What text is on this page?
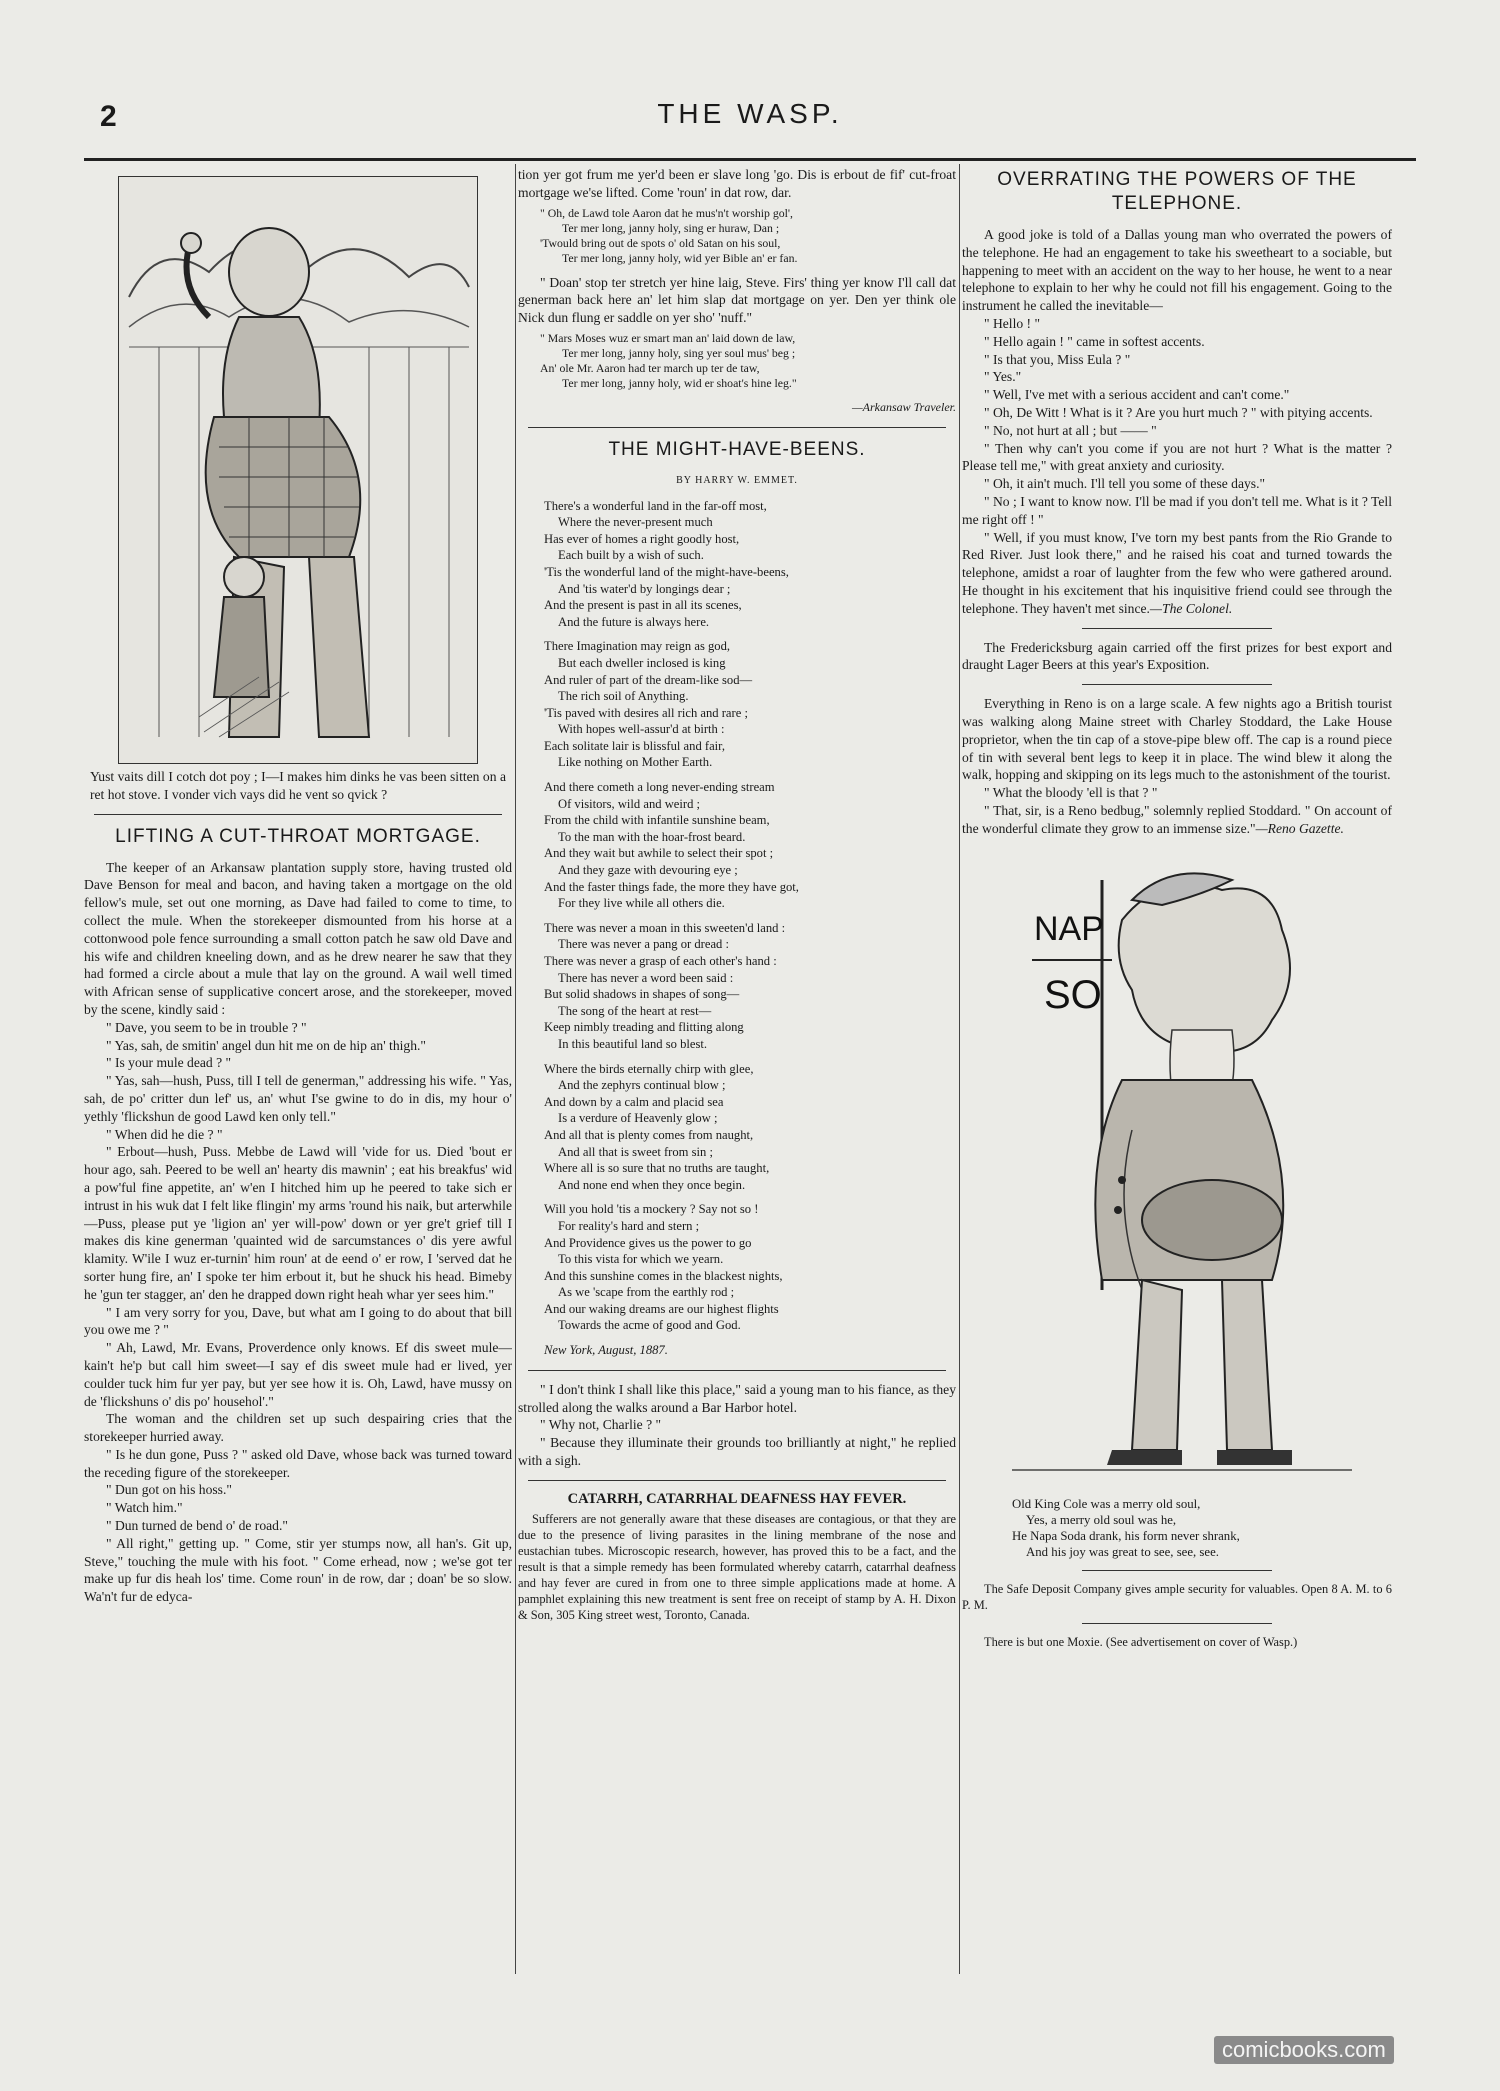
2	THE WASP.
Yust vaits dill I cotch dot poy ; I—I makes him dinks he vas been sitten on a ret hot stove. I vonder vich vays did he vent so qvick ?
LIFTING A CUT-THROAT MORTGAGE.

The keeper of an Arkansaw plantation supply store, having trusted old Dave Benson for meal and bacon, and having taken a mortgage on the old fellow's mule, set out one morning, as Dave had failed to come to time, to collect the mule. When the storekeeper dismounted from his horse at a cottonwood pole fence surrounding a small cotton patch he saw old Dave and his wife and children kneeling down, and as he drew nearer he saw that they had formed a circle about a mule that lay on the ground. A wail well timed with African sense of supplicative concert arose, and the storekeeper, moved by the scene, kindly said :

" Dave, you seem to be in trouble ? "

" Yas, sah, de smitin' angel dun hit me on de hip an' thigh."

" Is your mule dead ? "

" Yas, sah—hush, Puss, till I tell de generman," addressing his wife. " Yas, sah, de po' critter dun lef' us, an' whut I'se gwine to do in dis, my hour o' yethly 'flickshun de good Lawd ken only tell."

" When did he die ? "

" Erbout—hush, Puss. Mebbe de Lawd will 'vide for us. Died 'bout er hour ago, sah. Peered to be well an' hearty dis mawnin' ; eat his breakfus' wid a pow'ful fine appetite, an' w'en I hitched him up he peered to take sich er intrust in his wuk dat I felt like flingin' my arms 'round his naik, but arterwhile—Puss, please put ye 'ligion an' yer will-pow' down or yer gre't grief till I makes dis kine generman 'quainted wid de sarcumstances o' dis yere awful klamity. W'ile I wuz er-turnin' him roun' at de eend o' er row, I 'served dat he sorter hung fire, an' I spoke ter him erbout it, but he shuck his head. Bimeby he 'gun ter stagger, an' den he drapped down right heah whar yer sees him."

" I am very sorry for you, Dave, but what am I going to do about that bill you owe me ? "

" Ah, Lawd, Mr. Evans, Proverdence only knows. Ef dis sweet mule—kain't he'p but call him sweet—I say ef dis sweet mule had er lived, yer coulder tuck him fur yer pay, but yer see how it is. Oh, Lawd, have mussy on de 'flickshuns o' dis po' househol'."

The woman and the children set up such despairing cries that the storekeeper hurried away.

" Is he dun gone, Puss ? " asked old Dave, whose back was turned toward the receding figure of the storekeeper.

" Dun got on his hoss."

" Watch him."

" Dun turned de bend o' de road."

" All right," getting up. " Come, stir yer stumps now, all han's. Git up, Steve," touching the mule with his foot. " Come erhead, now ; we'se got ter make up fur dis heah los' time. Come roun' in de row, dar ; doan' be so slow. Wa'n't fur de edyca-

tion yer got frum me yer'd been er slave long 'go. Dis is erbout de fif' cut-froat mortgage we'se lifted. Come 'roun' in dat row, dar.

" Oh, de Lawd tole Aaron dat he mus'n't worship gol',
Ter mer long, janny holy, sing er huraw, Dan ;
'Twould bring out de spots o' old Satan on his soul,
Ter mer long, janny holy, wid yer Bible an' er fan.

" Doan' stop ter stretch yer hine laig, Steve. Firs' thing yer know I'll call dat generman back here an' let him slap dat mortgage on yer. Den yer think ole Nick dun flung er saddle on yer sho' 'nuff."

" Mars Moses wuz er smart man an' laid down de law,
Ter mer long, janny holy, sing yer soul mus' beg ;
An' ole Mr. Aaron had ter march up ter de taw,
Ter mer long, janny holy, wid er shoat's hine leg."
—Arkansaw Traveler.
THE MIGHT-HAVE-BEENS.
BY HARRY W. EMMET.
There's a wonderful land in the far-off most,
Where the never-present much
Has ever of homes a right goodly host,
Each built by a wish of such.
'Tis the wonderful land of the might-have-beens,
And 'tis water'd by longings dear ;
And the present is past in all its scenes,
And the future is always here.
There Imagination may reign as god,
But each dweller inclosed is king
And ruler of part of the dream-like sod—
The rich soil of Anything.
'Tis paved with desires all rich and rare ;
With hopes well-assur'd at birth :
Each solitate lair is blissful and fair,
Like nothing on Mother Earth.
And there cometh a long never-ending stream
Of visitors, wild and weird ;
From the child with infantile sunshine beam,
To the man with the hoar-frost beard.
And they wait but awhile to select their spot ;
And they gaze with devouring eye ;
And the faster things fade, the more they have got,
For they live while all others die.
There was never a moan in this sweeten'd land :
There was never a pang or dread :
There was never a grasp of each other's hand :
There has never a word been said :
But solid shadows in shapes of song—
The song of the heart at rest—
Keep nimbly treading and flitting along
In this beautiful land so blest.
Where the birds eternally chirp with glee,
And the zephyrs continual blow ;
And down by a calm and placid sea
Is a verdure of Heavenly glow ;
And all that is plenty comes from naught,
And all that is sweet from sin ;
Where all is so sure that no truths are taught,
And none end when they once begin.
Will you hold 'tis a mockery ? Say not so !
For reality's hard and stern ;
And Providence gives us the power to go
To this vista for which we yearn.
And this sunshine comes in the blackest nights,
As we 'scape from the earthly rod ;
And our waking dreams are our highest flights
Towards the acme of good and God.
New York, August, 1887.

" I don't think I shall like this place," said a young man to his fiance, as they strolled along the walks around a Bar Harbor hotel.

" Why not, Charlie ? "

" Because they illuminate their grounds too brilliantly at night," he replied with a sigh.

CATARRH, CATARRHAL DEAFNESS HAY FEVER.

Sufferers are not generally aware that these diseases are contagious, or that they are due to the presence of living parasites in the lining membrane of the nose and eustachian tubes. Microscopic research, however, has proved this to be a fact, and the result is that a simple remedy has been formulated whereby catarrh, catarrhal deafness and hay fever are cured in from one to three simple applications made at home. A pamphlet explaining this new treatment is sent free on receipt of stamp by A. H. Dixon & Son, 305 King street west, Toronto, Canada.

OVERRATING THE POWERS OF THE TELEPHONE.

A good joke is told of a Dallas young man who overrated the powers of the telephone. He had an engagement to take his sweetheart to a sociable, but happening to meet with an accident on the way to her house, he went to a near telephone to explain to her why he could not fill his engagement. Going to the instrument he called the inevitable—

" Hello ! "

" Hello again ! " came in softest accents.

" Is that you, Miss Eula ? "

" Yes."

" Well, I've met with a serious accident and can't come."

" Oh, De Witt ! What is it ? Are you hurt much ? " with pitying accents.

" No, not hurt at all ; but —— "

" Then why can't you come if you are not hurt ? What is the matter ? Please tell me," with great anxiety and curiosity.

" Oh, it ain't much. I'll tell you some of these days."

" No ; I want to know now. I'll be mad if you don't tell me. What is it ? Tell me right off ! "

" Well, if you must know, I've torn my best pants from the Rio Grande to Red River. Just look there," and he raised his coat and turned towards the telephone, amidst a roar of laughter from the few who were gathered around. He thought in his excitement that his inquisitive friend could see through the telephone. They haven't met since.—The Colonel.

The Fredericksburg again carried off the first prizes for best export and draught Lager Beers at this year's Exposition.

Everything in Reno is on a large scale. A few nights ago a British tourist was walking along Maine street with Charley Stoddard, the Lake House proprietor, when the tin cap of a stove-pipe blew off. The cap is a round piece of tin with several bent legs to keep it in place. The wind blew it along the walk, hopping and skipping on its legs much to the astonishment of the tourist.

" What the bloody 'ell is that ? "

" That, sir, is a Reno bedbug," solemnly replied Stoddard. " On account of the wonderful climate they grow to an immense size."—Reno Gazette.

NAP
SO
Old King Cole was a merry old soul,
Yes, a merry old soul was he,
He Napa Soda drank, his form never shrank,
And his joy was great to see, see, see.

The Safe Deposit Company gives ample security for valuables. Open 8 A. M. to 6 P. M.

There is but one Moxie. (See advertisement on cover of Wasp.)

comicbooks.com
